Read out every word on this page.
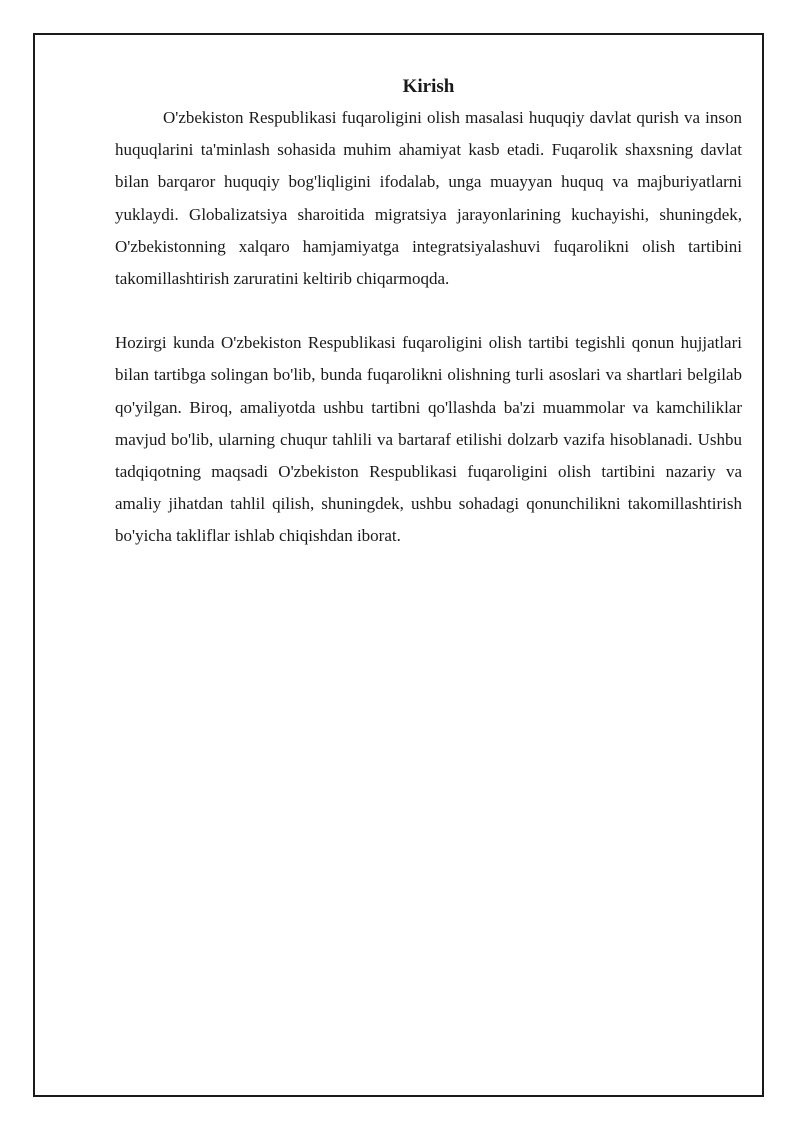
Kirish

O'zbekiston Respublikasi fuqaroligini olish masalasi huquqiy davlat qurish va inson huquqlarini ta'minlash sohasida muhim ahamiyat kasb etadi. Fuqarolik shaxsning davlat bilan barqaror huquqiy bog'liqligini ifodalab, unga muayyan huquq va majburiyatlarni yuklaydi. Globalizatsiya sharoitida migratsiya jarayonlarining kuchayishi, shuningdek, O'zbekistonning xalqaro hamjamiyatga integratsiyalashuvi fuqarolikni olish tartibini takomillashtirish zaruratini keltirib chiqarmoqda.

Hozirgi kunda O'zbekiston Respublikasi fuqaroligini olish tartibi tegishli qonun hujjatlari bilan tartibga solingan bo'lib, bunda fuqarolikni olishning turli asoslari va shartlari belgilab qo'yilgan. Biroq, amaliyotda ushbu tartibni qo'llashda ba'zi muammolar va kamchiliklar mavjud bo'lib, ularning chuqur tahlili va bartaraf etilishi dolzarb vazifa hisoblanadi. Ushbu tadqiqotning maqsadi O'zbekiston Respublikasi fuqaroligini olish tartibini nazariy va amaliy jihatdan tahlil qilish, shuningdek, ushbu sohadagi qonunchilikni takomillashtirish bo'yicha takliflar ishlab chiqishdan iborat.
